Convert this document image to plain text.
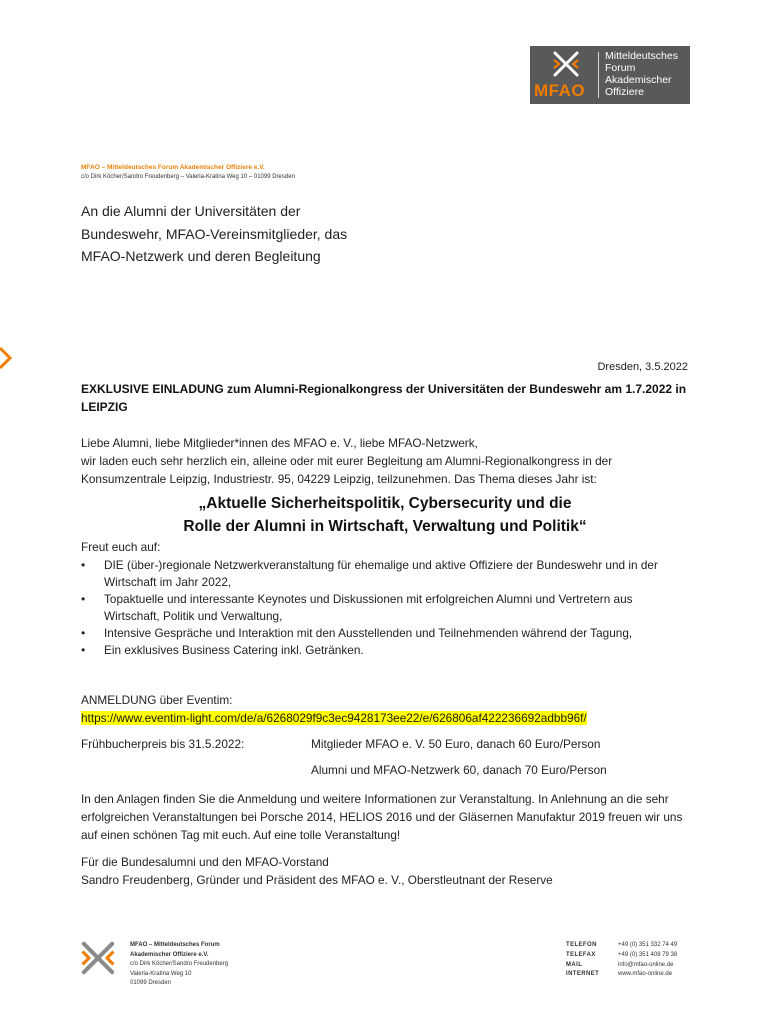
MFAO
Mitteldeutsches
Forum
Akademischer
Offiziere
MFAO – Mitteldeutsches Forum Akademischer Offiziere e.V.
c/o Dirk Köcher/Sandro Freudenberg – Valeria-Kratina Weg 10 – 01099 Dresden
An die Alumni der Universitäten der
Bundeswehr, MFAO-Vereinsmitglieder, das
MFAO-Netzwerk und deren Begleitung
Dresden, 3.5.2022
EXKLUSIVE EINLADUNG zum Alumni-Regionalkongress der Universitäten der Bundeswehr am 1.7.2022 in LEIPZIG
Liebe Alumni, liebe Mitglieder*innen des MFAO e. V., liebe MFAO-Netzwerk,
wir laden euch sehr herzlich ein, alleine oder mit eurer Begleitung am Alumni-Regionalkongress in der Konsumzentrale Leipzig, Industriestr. 95, 04229 Leipzig, teilzunehmen. Das Thema dieses Jahr ist:
„Aktuelle Sicherheitspolitik, Cybersecurity und die
Rolle der Alumni in Wirtschaft, Verwaltung und Politik“
Freut euch auf:
• DIE (über-)regionale Netzwerkveranstaltung für ehemalige und aktive Offiziere der Bundeswehr und in der Wirtschaft im Jahr 2022,
• Topaktuelle und interessante Keynotes und Diskussionen mit erfolgreichen Alumni und Vertretern aus Wirtschaft, Politik und Verwaltung,
• Intensive Gespräche und Interaktion mit den Ausstellenden und Teilnehmenden während der Tagung,
• Ein exklusives Business Catering inkl. Getränken.
ANMELDUNG über Eventim:
https://www.eventim-light.com/de/a/6268029f9c3ec9428173ee22/e/626806af422236692adbb96f/
Frühbucherpreis bis 31.5.2022:	Mitglieder MFAO e. V. 50 Euro, danach 60 Euro/Person
Alumni und MFAO-Netzwerk 60, danach 70 Euro/Person
In den Anlagen finden Sie die Anmeldung und weitere Informationen zur Veranstaltung. In Anlehnung an die sehr erfolgreichen Veranstaltungen bei Porsche 2014, HELIOS 2016 und der Gläsernen Manufaktur 2019 freuen wir uns auf einen schönen Tag mit euch. Auf eine tolle Veranstaltung!
Für die Bundesalumni und den MFAO-Vorstand
Sandro Freudenberg, Gründer und Präsident des MFAO e. V., Oberstleutnant der Reserve
MFAO – Mitteldeutsches Forum
Akademischer Offiziere e.V.
c/o Dirk Köcher/Sandro Freudenberg
Valeria-Kratina Weg 10
01099 Dresden
TELEFON	+49 (0) 351 332 74 49
TELEFAX	+49 (0) 351 408 79 38
MAIL	info@mfao-online.de
INTERNET	www.mfao-online.de
